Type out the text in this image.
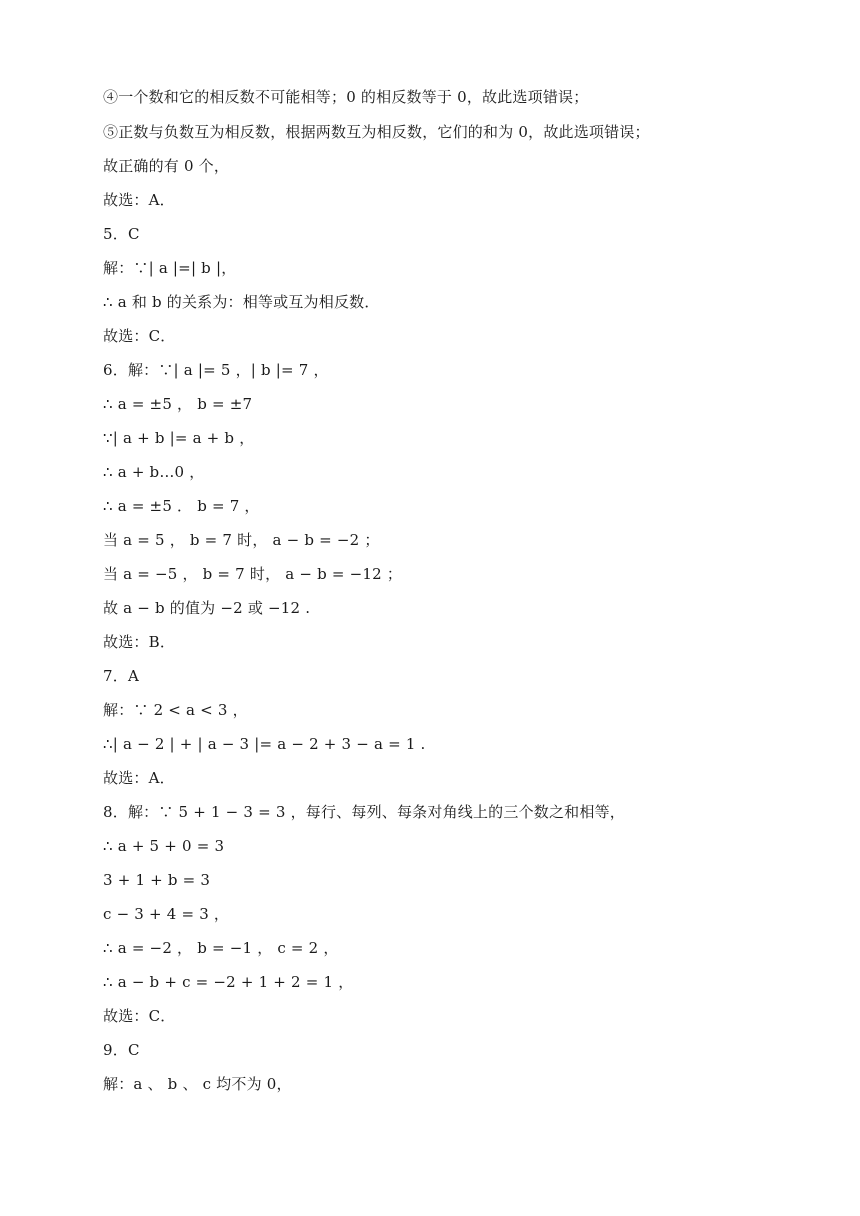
④一个数和它的相反数不可能相等；0 的相反数等于 0，故此选项错误；
⑤正数与负数互为相反数，根据两数互为相反数，它们的和为 0，故此选项错误；
故正确的有 0 个，
故选：A．
5．C
解：∵| a |=| b |，
∴ a 和 b 的关系为：相等或互为相反数．
故选：C．
6．解：∵| a |= 5 ，| b |= 7 ，
∴ a = ±5 ， b = ±7
∵| a + b |= a + b ，
∴ a + b…0 ，
∴ a = ±5 ． b = 7 ，
当 a = 5 ， b = 7 时， a − b = −2 ；
当 a = −5 ， b = 7 时， a − b = −12 ；
故 a − b 的值为 −2 或 −12 .
故选：B．
7．A
解：∵ 2 < a < 3 ，
∴| a − 2 | + | a − 3 |= a − 2 + 3 − a = 1 .
故选：A．
8．解：∵ 5 + 1 − 3 = 3 ，每行、每列、每条对角线上的三个数之和相等，
∴ a + 5 + 0 = 3
3 + 1 + b = 3
c − 3 + 4 = 3 ，
∴ a = −2 ， b = −1 ， c = 2 ，
∴ a − b + c = −2 + 1 + 2 = 1 ，
故选：C．
9．C
解：a 、 b 、 c 均不为 0，
